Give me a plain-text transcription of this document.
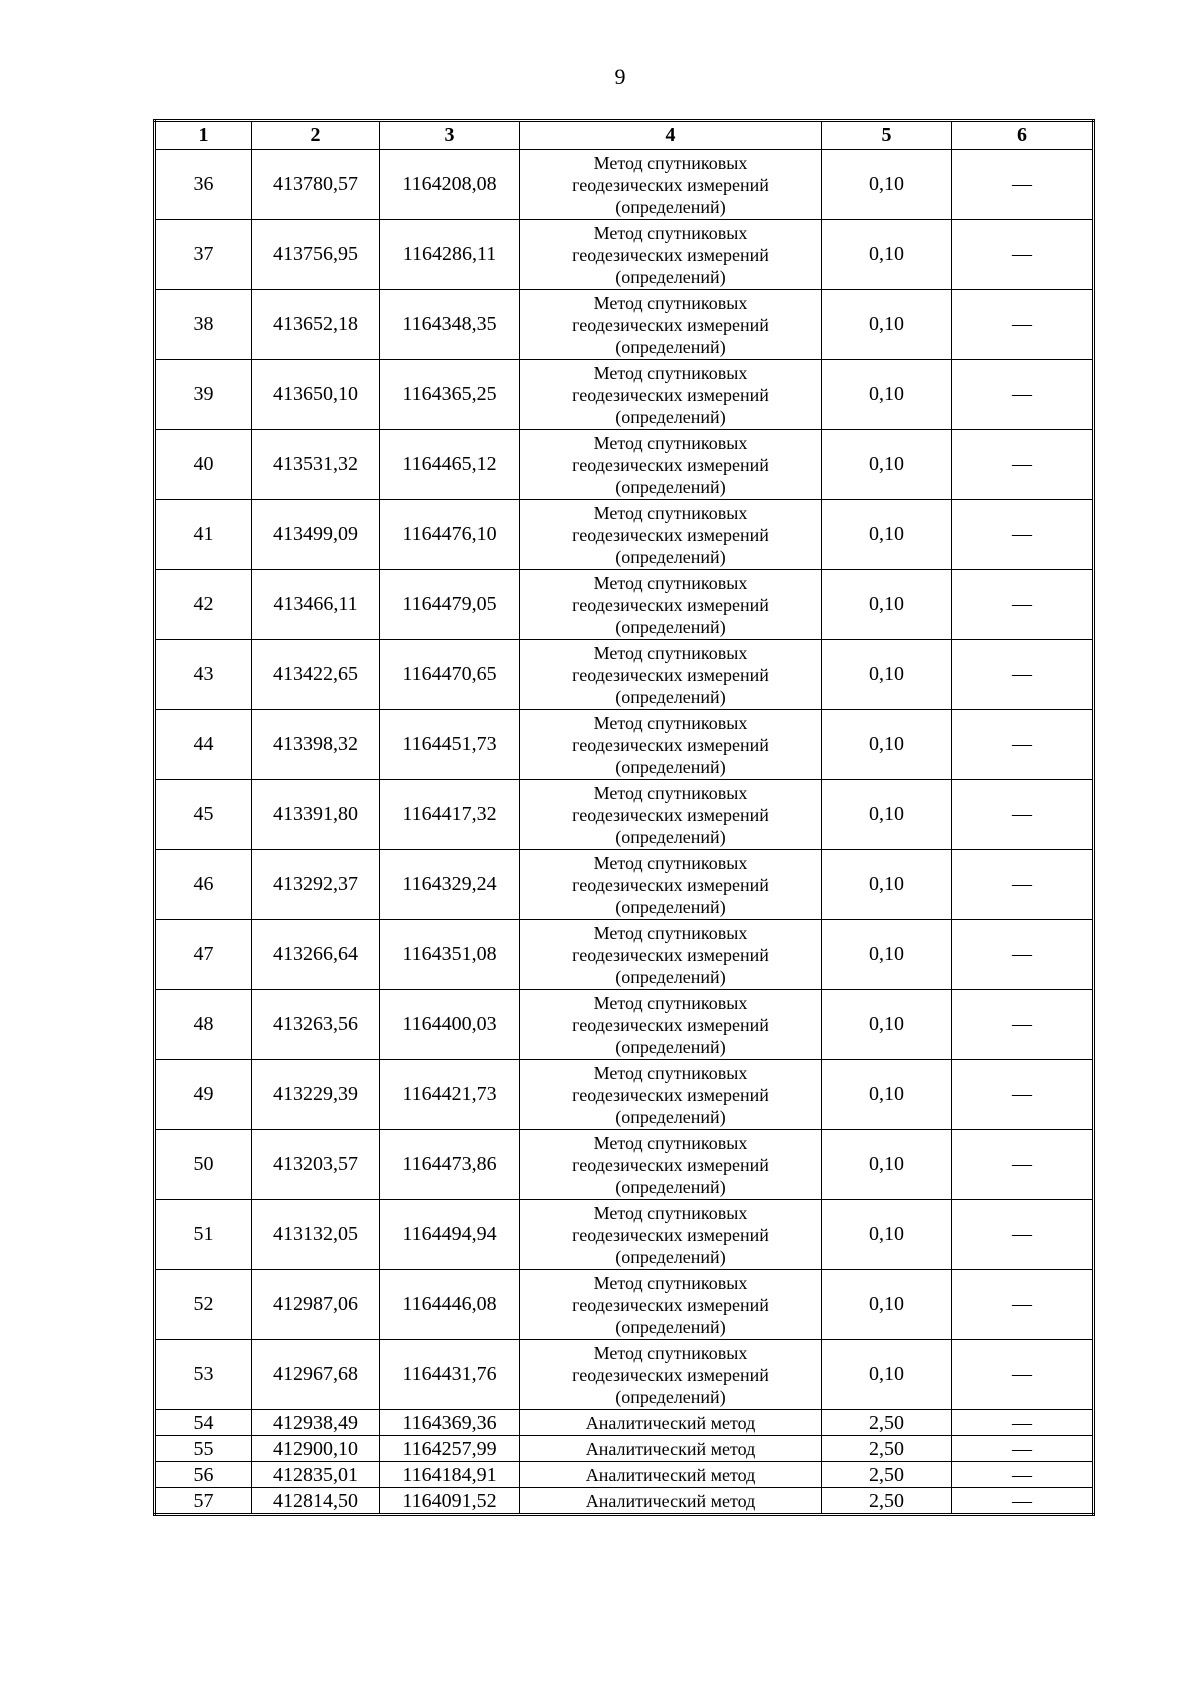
9
1	2	3	4	5	6
36	413780,57	1164208,08	Метод спутниковых
геодезических измерений
(определений)	0,10	—
37	413756,95	1164286,11	Метод спутниковых
геодезических измерений
(определений)	0,10	—
38	413652,18	1164348,35	Метод спутниковых
геодезических измерений
(определений)	0,10	—
39	413650,10	1164365,25	Метод спутниковых
геодезических измерений
(определений)	0,10	—
40	413531,32	1164465,12	Метод спутниковых
геодезических измерений
(определений)	0,10	—
41	413499,09	1164476,10	Метод спутниковых
геодезических измерений
(определений)	0,10	—
42	413466,11	1164479,05	Метод спутниковых
геодезических измерений
(определений)	0,10	—
43	413422,65	1164470,65	Метод спутниковых
геодезических измерений
(определений)	0,10	—
44	413398,32	1164451,73	Метод спутниковых
геодезических измерений
(определений)	0,10	—
45	413391,80	1164417,32	Метод спутниковых
геодезических измерений
(определений)	0,10	—
46	413292,37	1164329,24	Метод спутниковых
геодезических измерений
(определений)	0,10	—
47	413266,64	1164351,08	Метод спутниковых
геодезических измерений
(определений)	0,10	—
48	413263,56	1164400,03	Метод спутниковых
геодезических измерений
(определений)	0,10	—
49	413229,39	1164421,73	Метод спутниковых
геодезических измерений
(определений)	0,10	—
50	413203,57	1164473,86	Метод спутниковых
геодезических измерений
(определений)	0,10	—
51	413132,05	1164494,94	Метод спутниковых
геодезических измерений
(определений)	0,10	—
52	412987,06	1164446,08	Метод спутниковых
геодезических измерений
(определений)	0,10	—
53	412967,68	1164431,76	Метод спутниковых
геодезических измерений
(определений)	0,10	—
54	412938,49	1164369,36	Аналитический метод	2,50	—
55	412900,10	1164257,99	Аналитический метод	2,50	—
56	412835,01	1164184,91	Аналитический метод	2,50	—
57	412814,50	1164091,52	Аналитический метод	2,50	—
